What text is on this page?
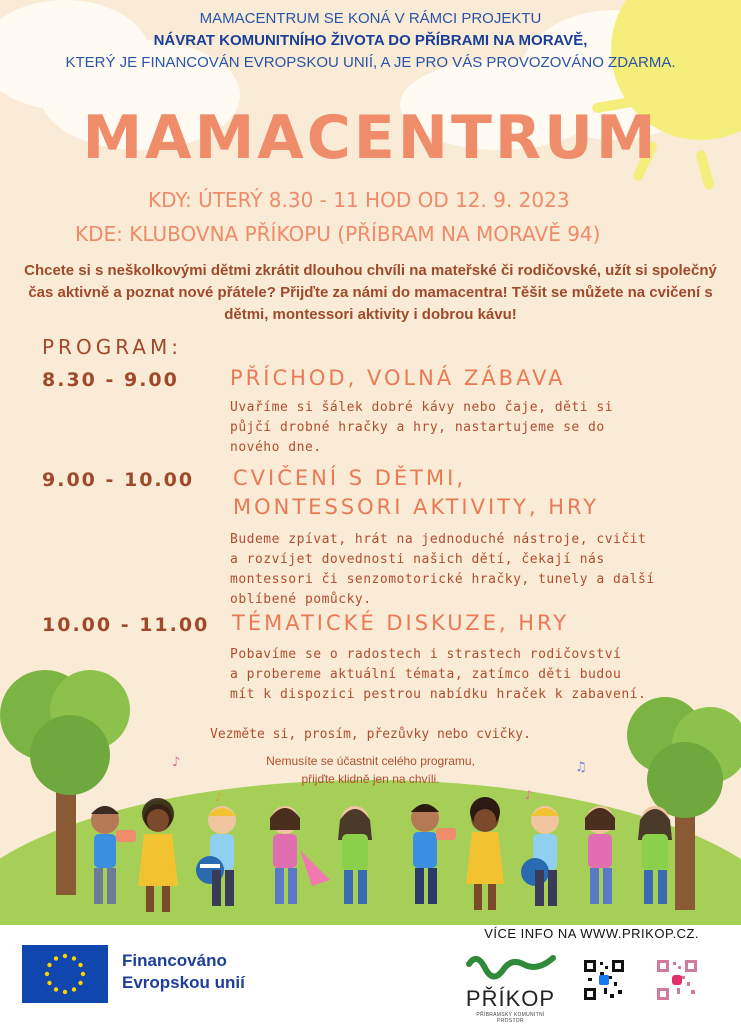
MAMACENTRUM SE KONÁ V RÁMCI PROJEKTU
NÁVRAT KOMUNITNÍHO ŽIVOTA DO PŘÍBRAMI NA MORAVĚ,
KTERÝ JE FINANCOVÁN EVROPSKOU UNIÍ, A JE PRO VÁS PROVOZOVÁNO ZDARMA.
MAMACENTRUM
KDY: ÚTERÝ 8.30 - 11 HOD OD 12. 9. 2023
KDE: KLUBOVNA PŘÍKOPU (PŘÍBRAM NA MORAVĚ 94)
Chcete si s neškolkovými dětmi zkrátit dlouhou chvíli na mateřské či rodičovské, užít si společný čas aktivně a poznat nové přátele? Přijďte za námi do mamacentra! Těšit se můžete na cvičení s dětmi, montessori aktivity i dobrou kávu!
PROGRAM:
8.30 - 9.00 PŘÍCHOD, VOLNÁ ZÁBAVA
Uvaříme si šálek dobré kávy nebo čaje, děti si
půjčí drobné hračky a hry, nastartujeme se do
nového dne.
9.00 - 10.00 CVIČENÍ S DĚTMI,
MONTESSORI AKTIVITY, HRY
Budeme zpívat, hrát na jednoduché nástroje, cvičit
a rozvíjet dovednosti našich dětí, čekají nás
montessori či senzomotorické hračky, tunely a další
oblíbené pomůcky.
10.00 - 11.00 TÉMATICKÉ DISKUZE, HRY
Pobavíme se o radostech i strastech rodičovství
a probereme aktuální témata, zatímco děti budou
mít k dispozici pestrou nabídku hraček k zabavení.
Vezměte si, prosím, přezůvky nebo cvičky.
Nemusíte se účastnit celého programu,
přijďte klidně jen na chvíli.
♪	♫
♪	♪
VÍCE INFO NA WWW.PRIKOP.CZ.
Financováno
Evropskou unií
PŘÍKOP
PŘÍBRAMSKÝ KOMUNITNÍ PROSTOR
